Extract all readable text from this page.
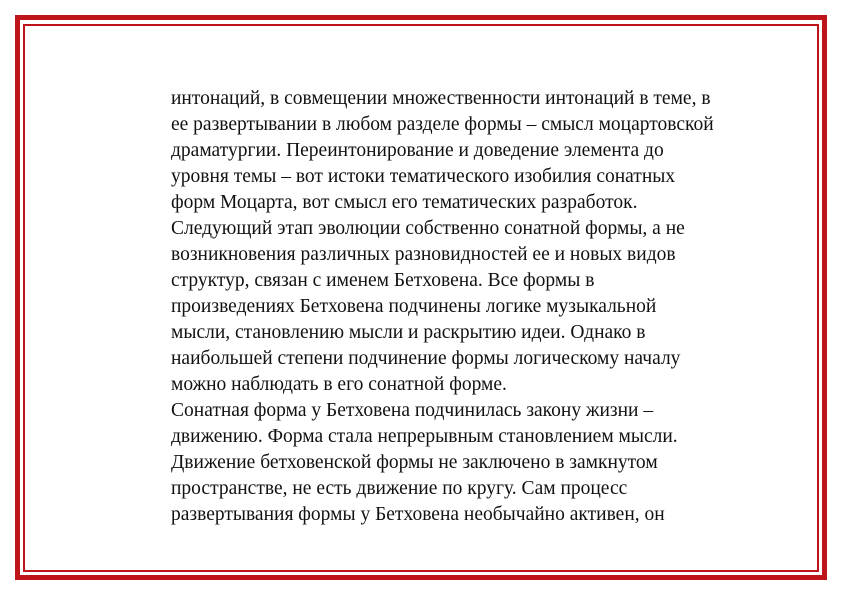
интонаций, в совмещении множественности интонаций в теме, в
ее развертывании в любом разделе формы – смысл моцартовской
драматургии. Переинтонирование и доведение элемента до
уровня темы – вот истоки тематического изобилия сонатных
форм Моцарта, вот смысл его тематических разработок.
Следующий этап эволюции собственно сонатной формы, а не
возникновения различных разновидностей ее и новых видов
структур, связан с именем Бетховена. Все формы в
произведениях Бетховена подчинены логике музыкальной
мысли, становлению мысли и раскрытию идеи. Однако в
наибольшей степени подчинение формы логическому началу
можно наблюдать в его сонатной форме.
Сонатная форма у Бетховена подчинилась закону жизни –
движению. Форма стала непрерывным становлением мысли.
Движение бетховенской формы не заключено в замкнутом
пространстве, не есть движение по кругу. Сам процесс
развертывания формы у Бетховена необычайно активен, он
